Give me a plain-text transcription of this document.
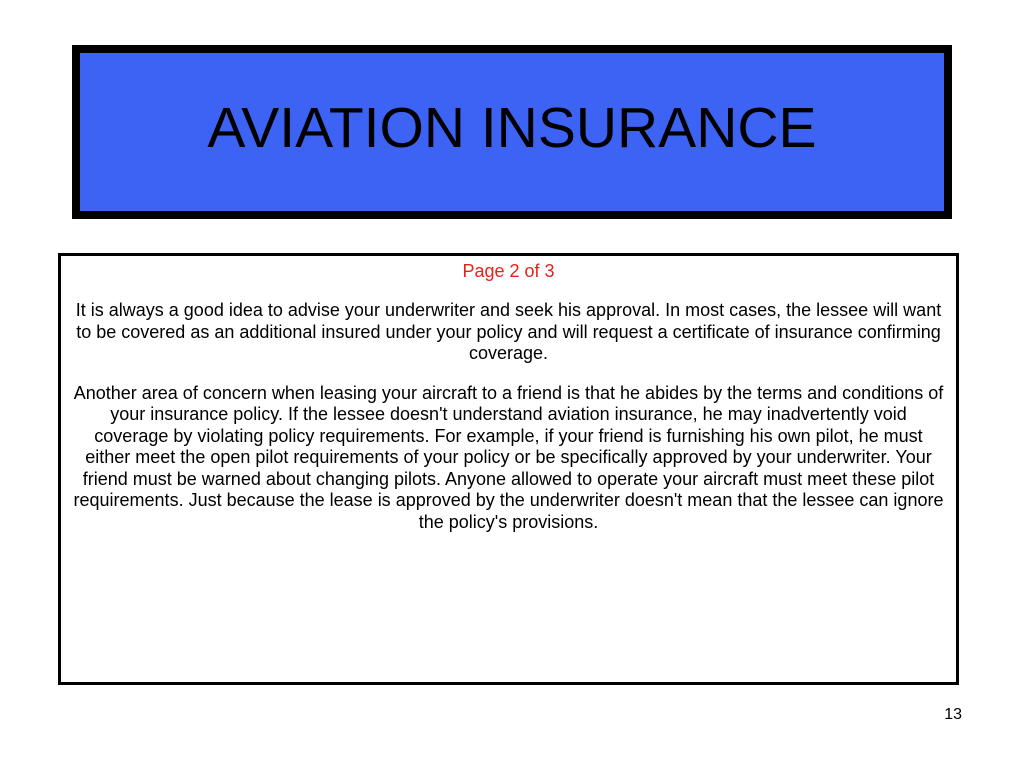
AVIATION INSURANCE

Page 2 of 3

It is always a good idea to advise your underwriter and seek his approval. In most cases, the lessee will want to be covered as an additional insured under your policy and will request a certificate of insurance confirming coverage.

Another area of concern when leasing your aircraft to a friend is that he abides by the terms and conditions of your insurance policy. If the lessee doesn't understand aviation insurance, he may inadvertently void coverage by violating policy requirements. For example, if your friend is furnishing his own pilot, he must either meet the open pilot requirements of your policy or be specifically approved by your underwriter. Your friend must be warned about changing pilots. Anyone allowed to operate your aircraft must meet these pilot requirements. Just because the lease is approved by the underwriter doesn't mean that the lessee can ignore the policy's provisions.

13
